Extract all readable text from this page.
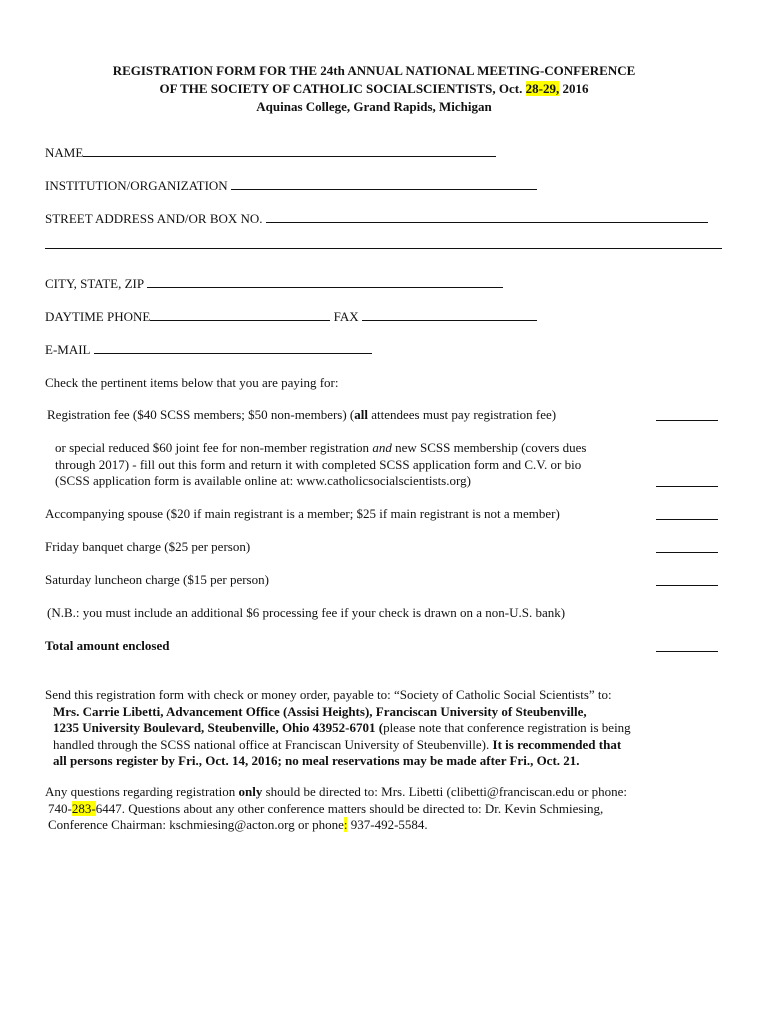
REGISTRATION FORM FOR THE 24th ANNUAL NATIONAL MEETING-CONFERENCE
OF THE SOCIETY OF CATHOLIC SOCIALSCIENTISTS, Oct. 28-29, 2016
Aquinas College, Grand Rapids, Michigan
NAME
INSTITUTION/ORGANIZATION
STREET ADDRESS AND/OR BOX NO.
CITY, STATE, ZIP
DAYTIME PHONE	FAX
E-MAIL
Check the pertinent items below that you are paying for:
Registration fee ($40 SCSS members; $50 non-members) (all attendees must pay registration fee)
or special reduced $60 joint fee for non-member registration and new SCSS membership (covers dues
through 2017) - fill out this form and return it with completed SCSS application form and C.V. or bio
(SCSS application form is available online at: www.catholicsocialscientists.org)
Accompanying spouse ($20 if main registrant is a member; $25 if main registrant is not a member)
Friday banquet charge ($25 per person)
Saturday luncheon charge ($15 per person)
(N.B.: you must include an additional $6 processing fee if your check is drawn on a non-U.S. bank)
Total amount enclosed
Send this registration form with check or money order, payable to: “Society of Catholic Social Scientists” to:
Mrs. Carrie Libetti, Advancement Office (Assisi Heights), Franciscan University of Steubenville,
1235 University Boulevard, Steubenville, Ohio 43952-6701 (please note that conference registration is being
handled through the SCSS national office at Franciscan University of Steubenville). It is recommended that
all persons register by Fri., Oct. 14, 2016; no meal reservations may be made after Fri., Oct. 21.
Any questions regarding registration only should be directed to: Mrs. Libetti (clibetti@franciscan.edu or phone:
740-283-6447. Questions about any other conference matters should be directed to: Dr. Kevin Schmiesing,
Conference Chairman: kschmiesing@acton.org or phone: 937-492-5584.
